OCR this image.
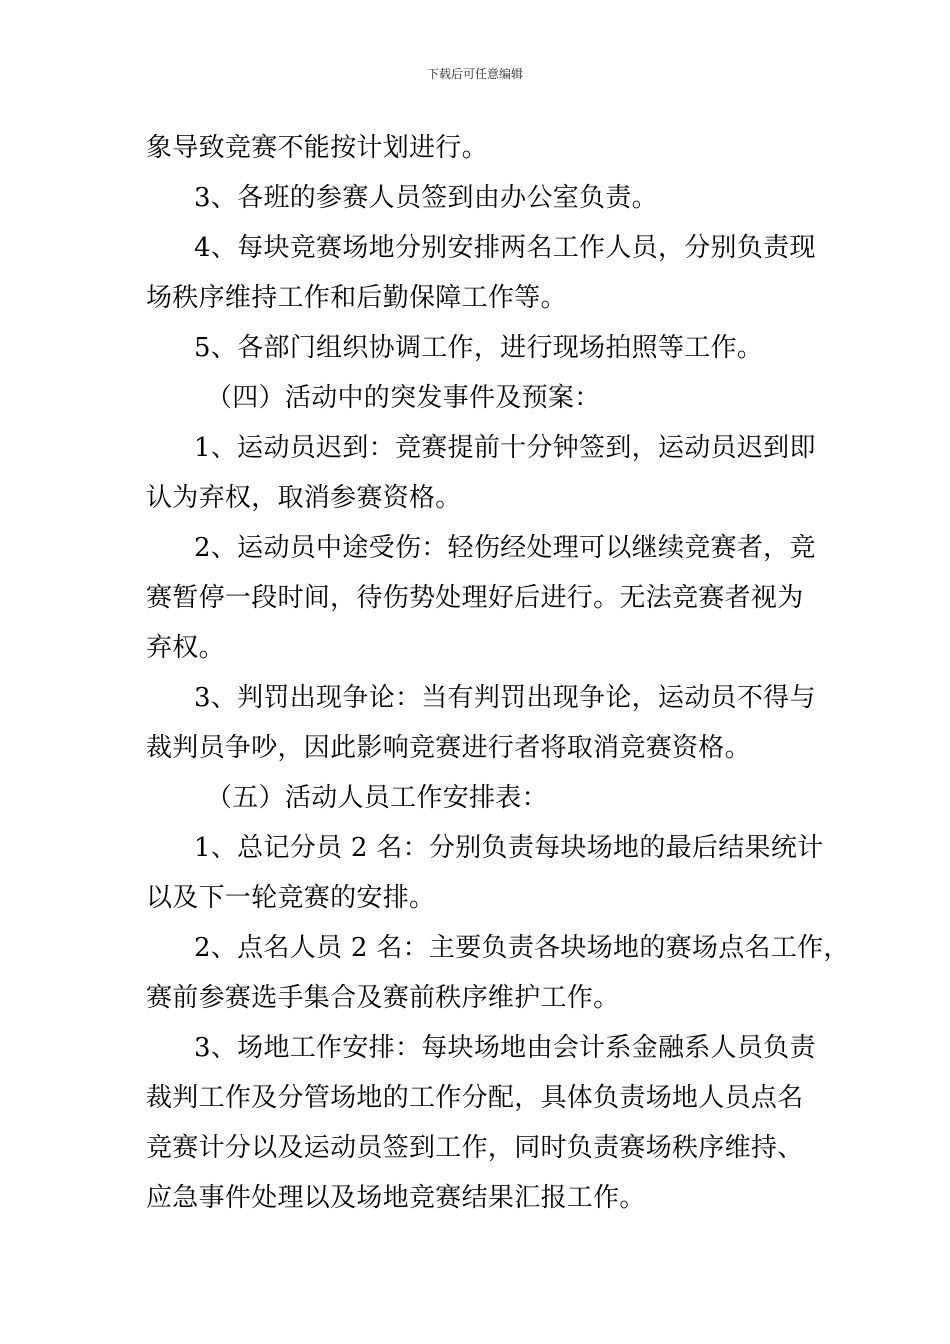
下载后可任意编辑
象导致竞赛不能按计划进行。
3、各班的参赛人员签到由办公室负责。
4、每块竞赛场地分别安排两名工作人员，分别负责现
场秩序维持工作和后勤保障工作等。
5、各部门组织协调工作，进行现场拍照等工作。
（四）活动中的突发事件及预案：
1、运动员迟到：竞赛提前十分钟签到，运动员迟到即
认为弃权，取消参赛资格。
2、运动员中途受伤：轻伤经处理可以继续竞赛者，竞
赛暂停一段时间，待伤势处理好后进行。无法竞赛者视为
弃权。
3、判罚出现争论：当有判罚出现争论，运动员不得与
裁判员争吵，因此影响竞赛进行者将取消竞赛资格。
（五）活动人员工作安排表：
1、总记分员 2 名：分别负责每块场地的最后结果统计
以及下一轮竞赛的安排。
2、点名人员 2 名：主要负责各块场地的赛场点名工作，
赛前参赛选手集合及赛前秩序维护工作。
3、场地工作安排：每块场地由会计系金融系人员负责
裁判工作及分管场地的工作分配，具体负责场地人员点名
竞赛计分以及运动员签到工作，同时负责赛场秩序维持、
应急事件处理以及场地竞赛结果汇报工作。
